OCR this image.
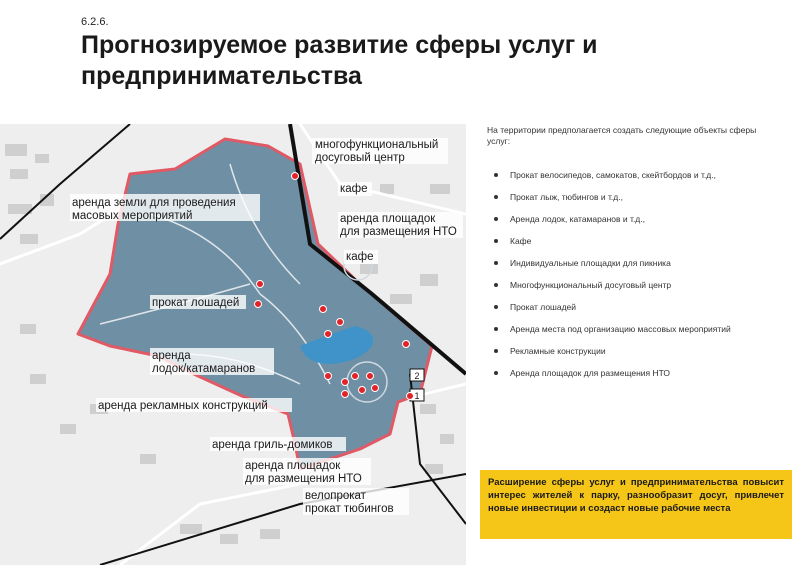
6.2.6.
Прогнозируемое развитие сферы услуг и предпринимательства
2
1
многофункциональный досуговый центр
кафе
аренда площадок для размещения НТО
кафе
аренда земли для проведения масовых мероприятий
прокат лошадей
аренда лодок/катамаранов
аренда рекламных конструкций
аренда гриль-домиков
аренда площадок для размещения НТО
велопрокат прокат тюбингов
На территории предполагается создать следующие объекты сферы услуг:
Прокат велосипедов, самокатов, скейтбордов и т.д.,
Прокат лыж, тюбингов и т.д.,
Аренда лодок, катамаранов и т.д.,
Кафе
Индивидуальные площадки для пикника
Многофункциональный досуговый центр
Прокат лошадей
Аренда места под организацию массовых мероприятий
Рекламные конструкции
Аренда площадок для размещения НТО
Расширение сферы услуг и предпринимательства повысит интерес жителей к парку, разнообразит досуг, привлечет новые инвестиции и создаст новые рабочие места
